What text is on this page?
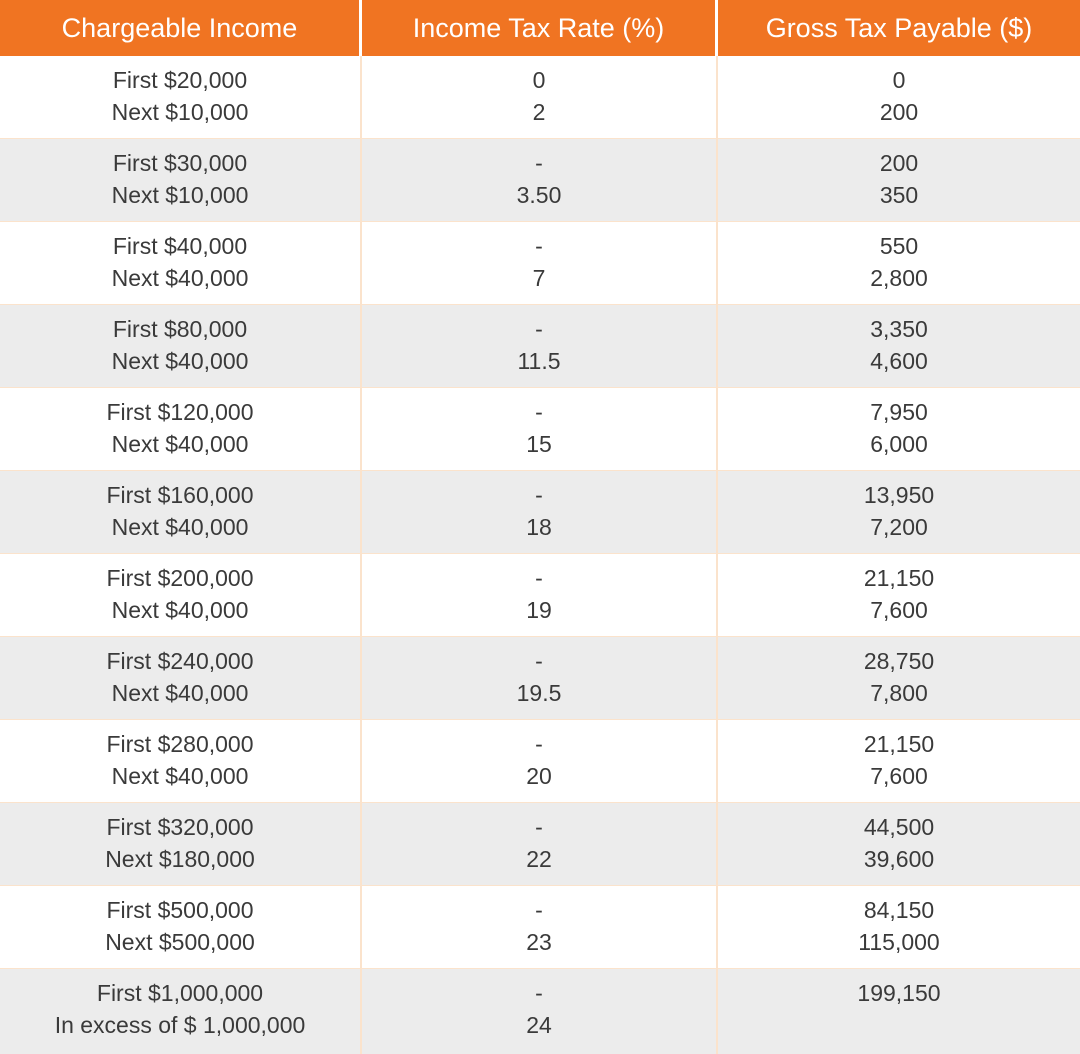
Chargeable Income	Income Tax Rate (%)	Gross Tax Payable ($)
First $20,000
Next $10,000
0
2
0
200
First $30,000
Next $10,000
-
3.50
200
350
First $40,000
Next $40,000
-
7
550
2,800
First $80,000
Next $40,000
-
11.5
3,350
4,600
First $120,000
Next $40,000
-
15
7,950
6,000
First $160,000
Next $40,000
-
18
13,950
7,200
First $200,000
Next $40,000
-
19
21,150
7,600
First $240,000
Next $40,000
-
19.5
28,750
7,800
First $280,000
Next $40,000
-
20
21,150
7,600
First $320,000
Next $180,000
-
22
44,500
39,600
First $500,000
Next $500,000
-
23
84,150
115,000
First $1,000,000
In excess of $ 1,000,000
-
24
199,150
